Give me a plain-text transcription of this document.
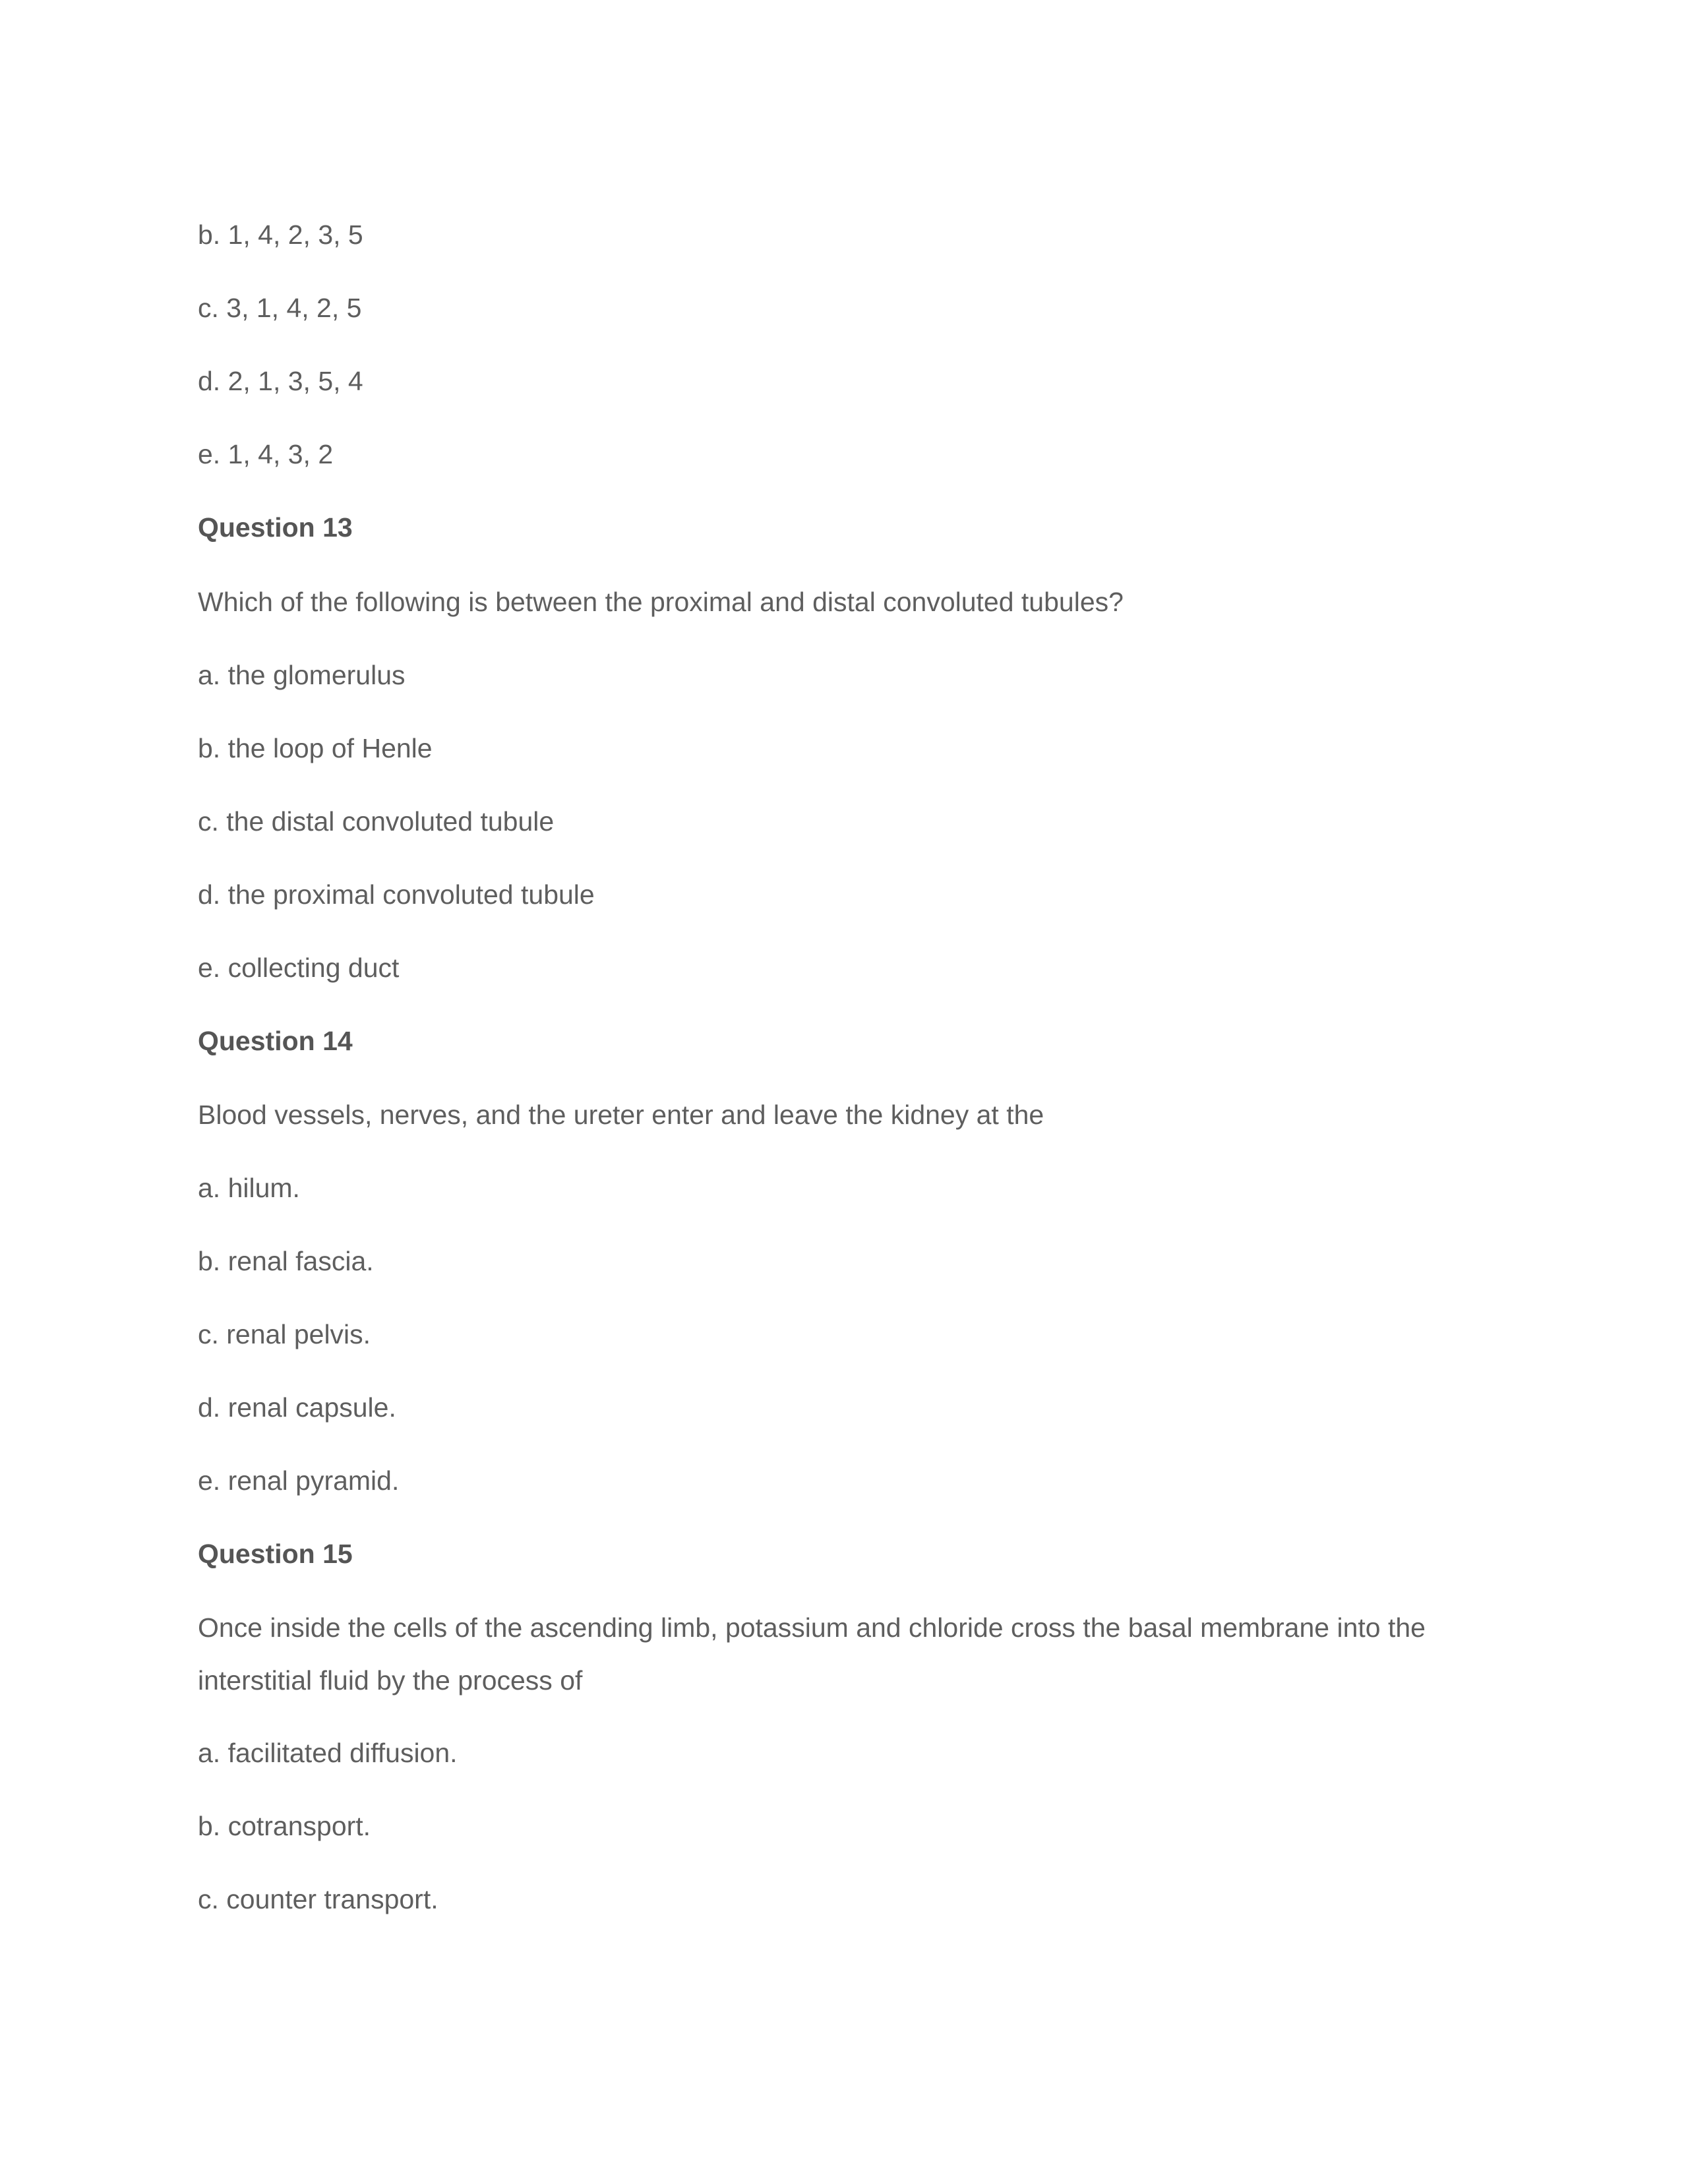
b. 1, 4, 2, 3, 5
c. 3, 1, 4, 2, 5
d. 2, 1, 3, 5, 4
e. 1, 4, 3, 2
Question 13
Which of the following is between the proximal and distal convoluted tubules?
a. the glomerulus
b. the loop of Henle
c. the distal convoluted tubule
d. the proximal convoluted tubule
e. collecting duct
Question 14
Blood vessels, nerves, and the ureter enter and leave the kidney at the
a. hilum.
b. renal fascia.
c. renal pelvis.
d. renal capsule.
e. renal pyramid.
Question 15
Once inside the cells of the ascending limb, potassium and chloride cross the basal membrane into the
interstitial fluid by the process of
a. facilitated diffusion.
b. cotransport.
c. counter transport.
